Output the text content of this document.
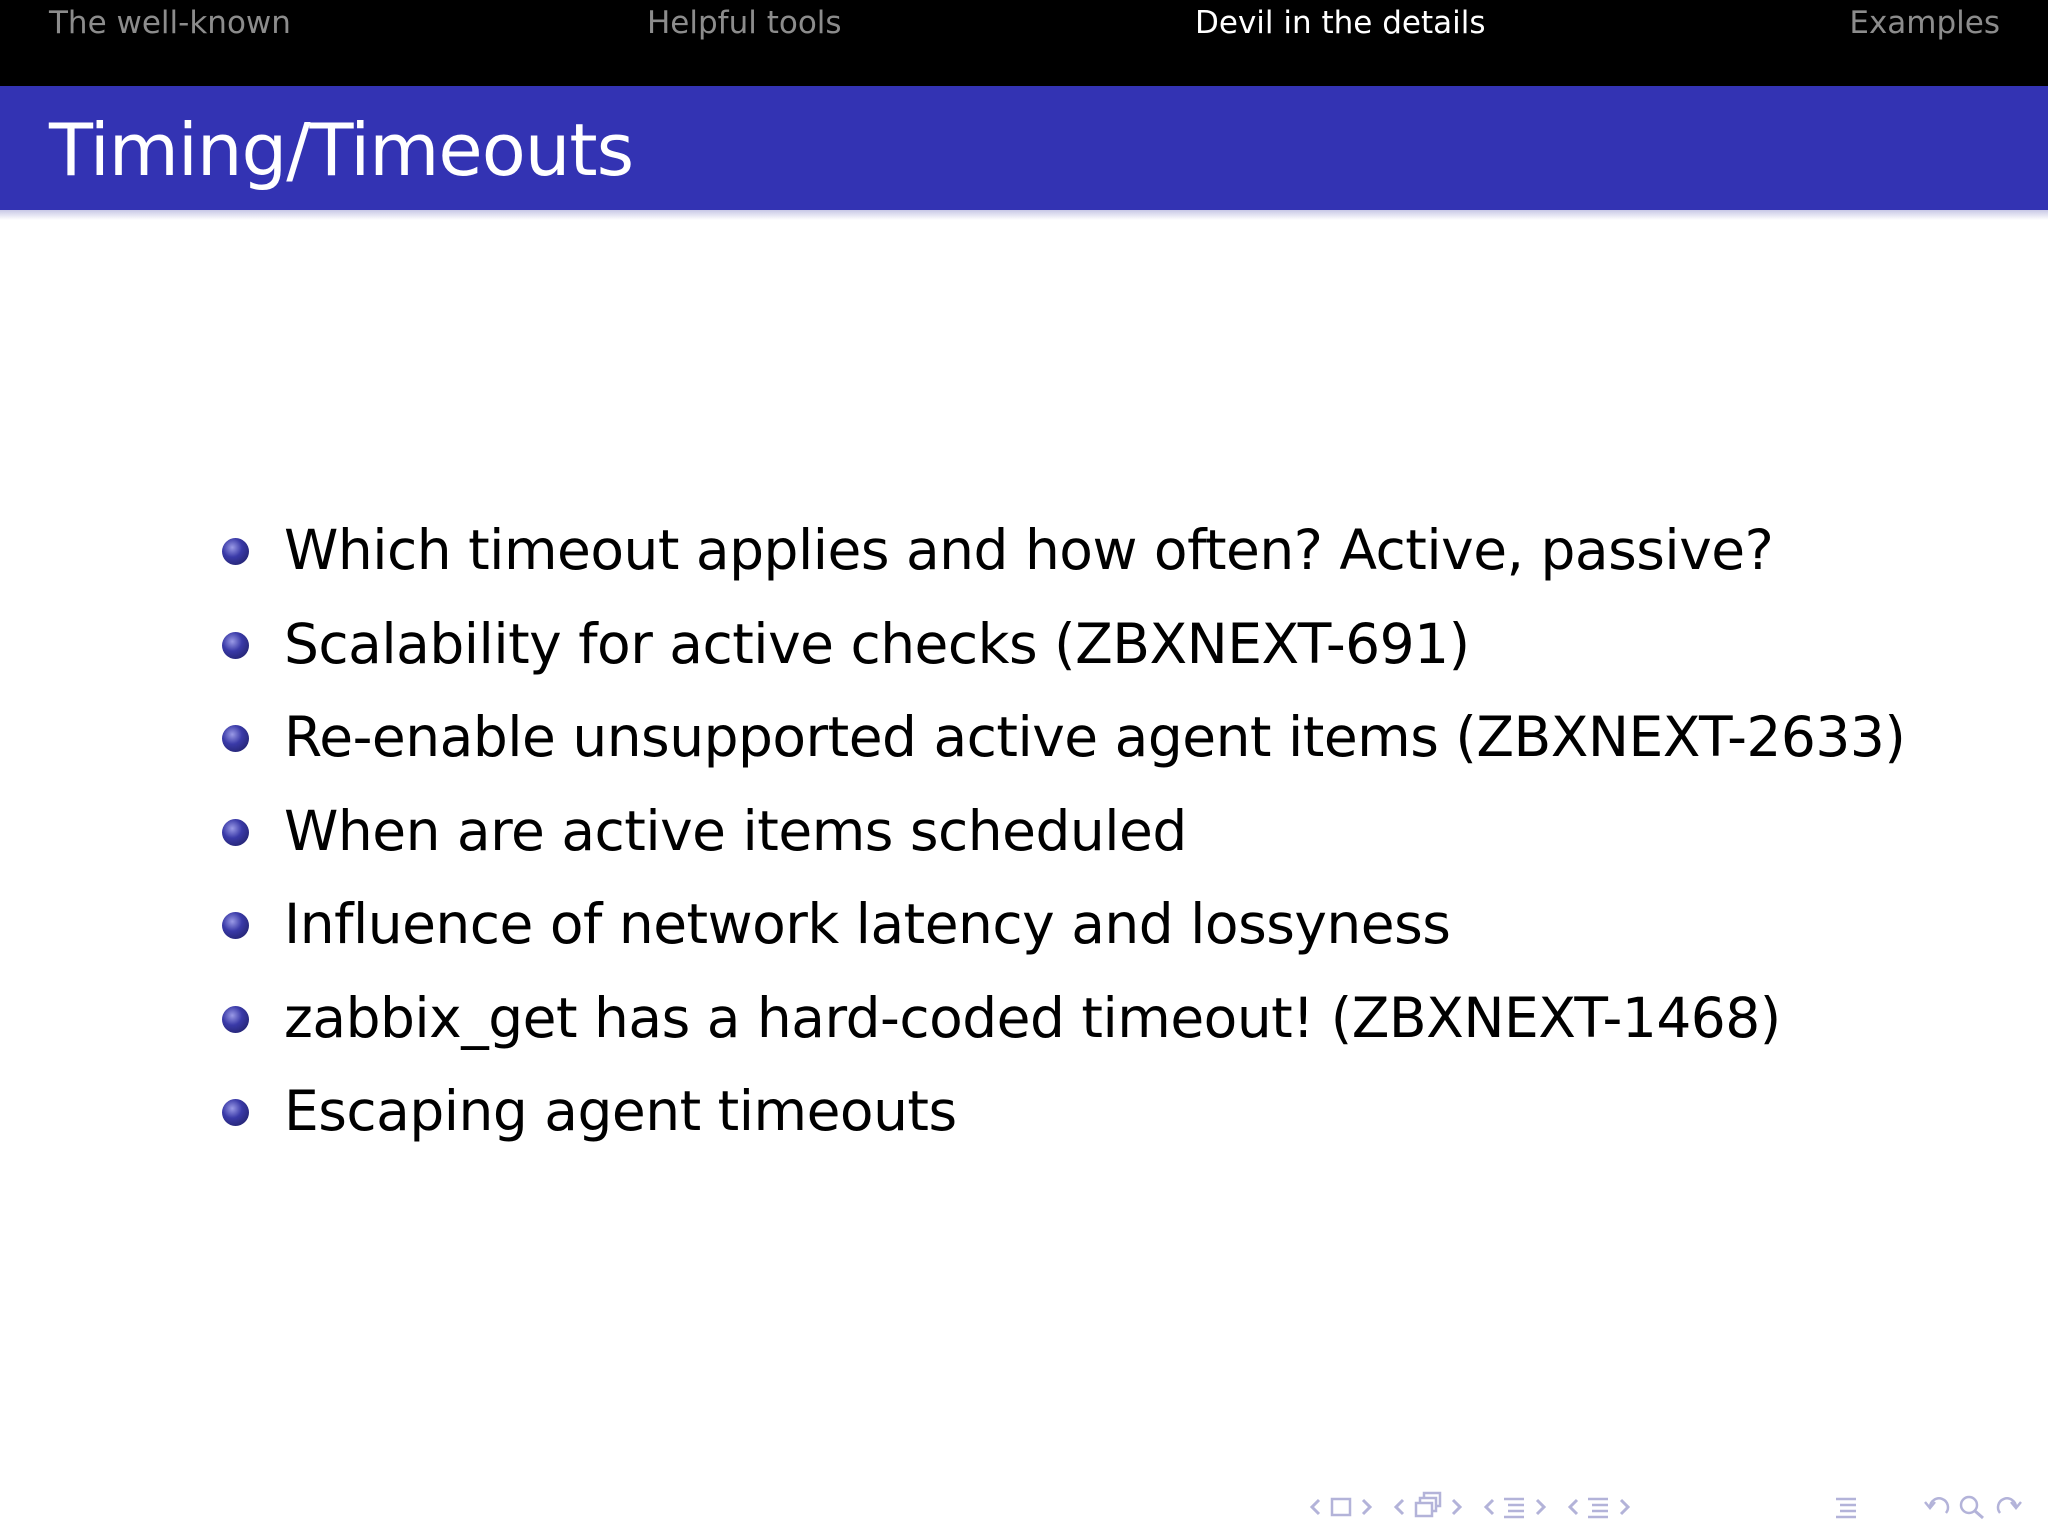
The well-known	Helpful tools	Devil in the details	Examples
Timing/Timeouts
Which timeout applies and how often? Active, passive?
Scalability for active checks (ZBXNEXT-691)
Re-enable unsupported active agent items (ZBXNEXT-2633)
When are active items scheduled
Influence of network latency and lossyness
zabbix_get has a hard-coded timeout! (ZBXNEXT-1468)
Escaping agent timeouts
